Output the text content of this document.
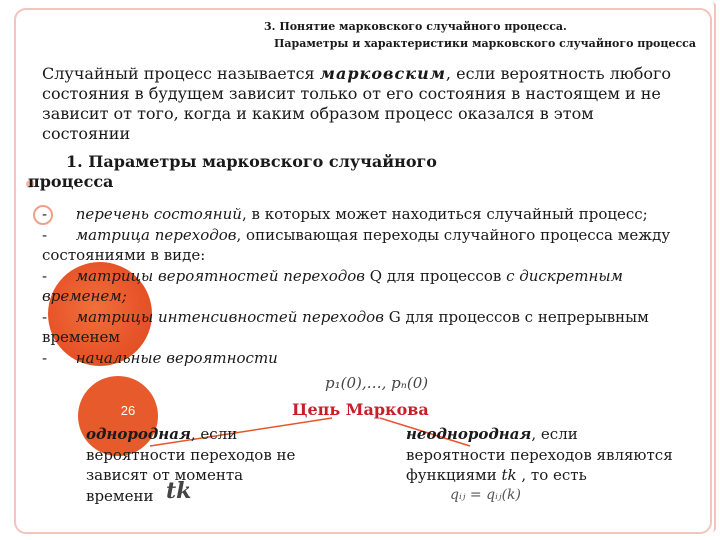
26
3. Понятие марковского случайного процесса.
Параметры и характеристики марковского случайного процесса
Случайный процесс называется марковским, если вероятность любого состояния в будущем зависит только от его состояния в настоящем и не зависит от того, когда и каким образом процесс оказался в этом состоянии
1. Параметры марковского случайного
процесса
- перечень состояний, в которых может находиться случайный процесс;
- матрица переходов, описывающая переходы случайного процесса между состояниями в виде:
- матрицы вероятностей переходов Q для процессов с дискретным временем;
- матрицы интенсивностей переходов G для процессов с непрерывным временем
- начальные вероятности
p₁(0),…, pₙ(0)
Цепь Маркова
однородная, если вероятности переходов не зависят от момента времени tk
неоднородная, если вероятности переходов являются функциями tk , то есть
qᵢⱼ = qᵢⱼ(k)
